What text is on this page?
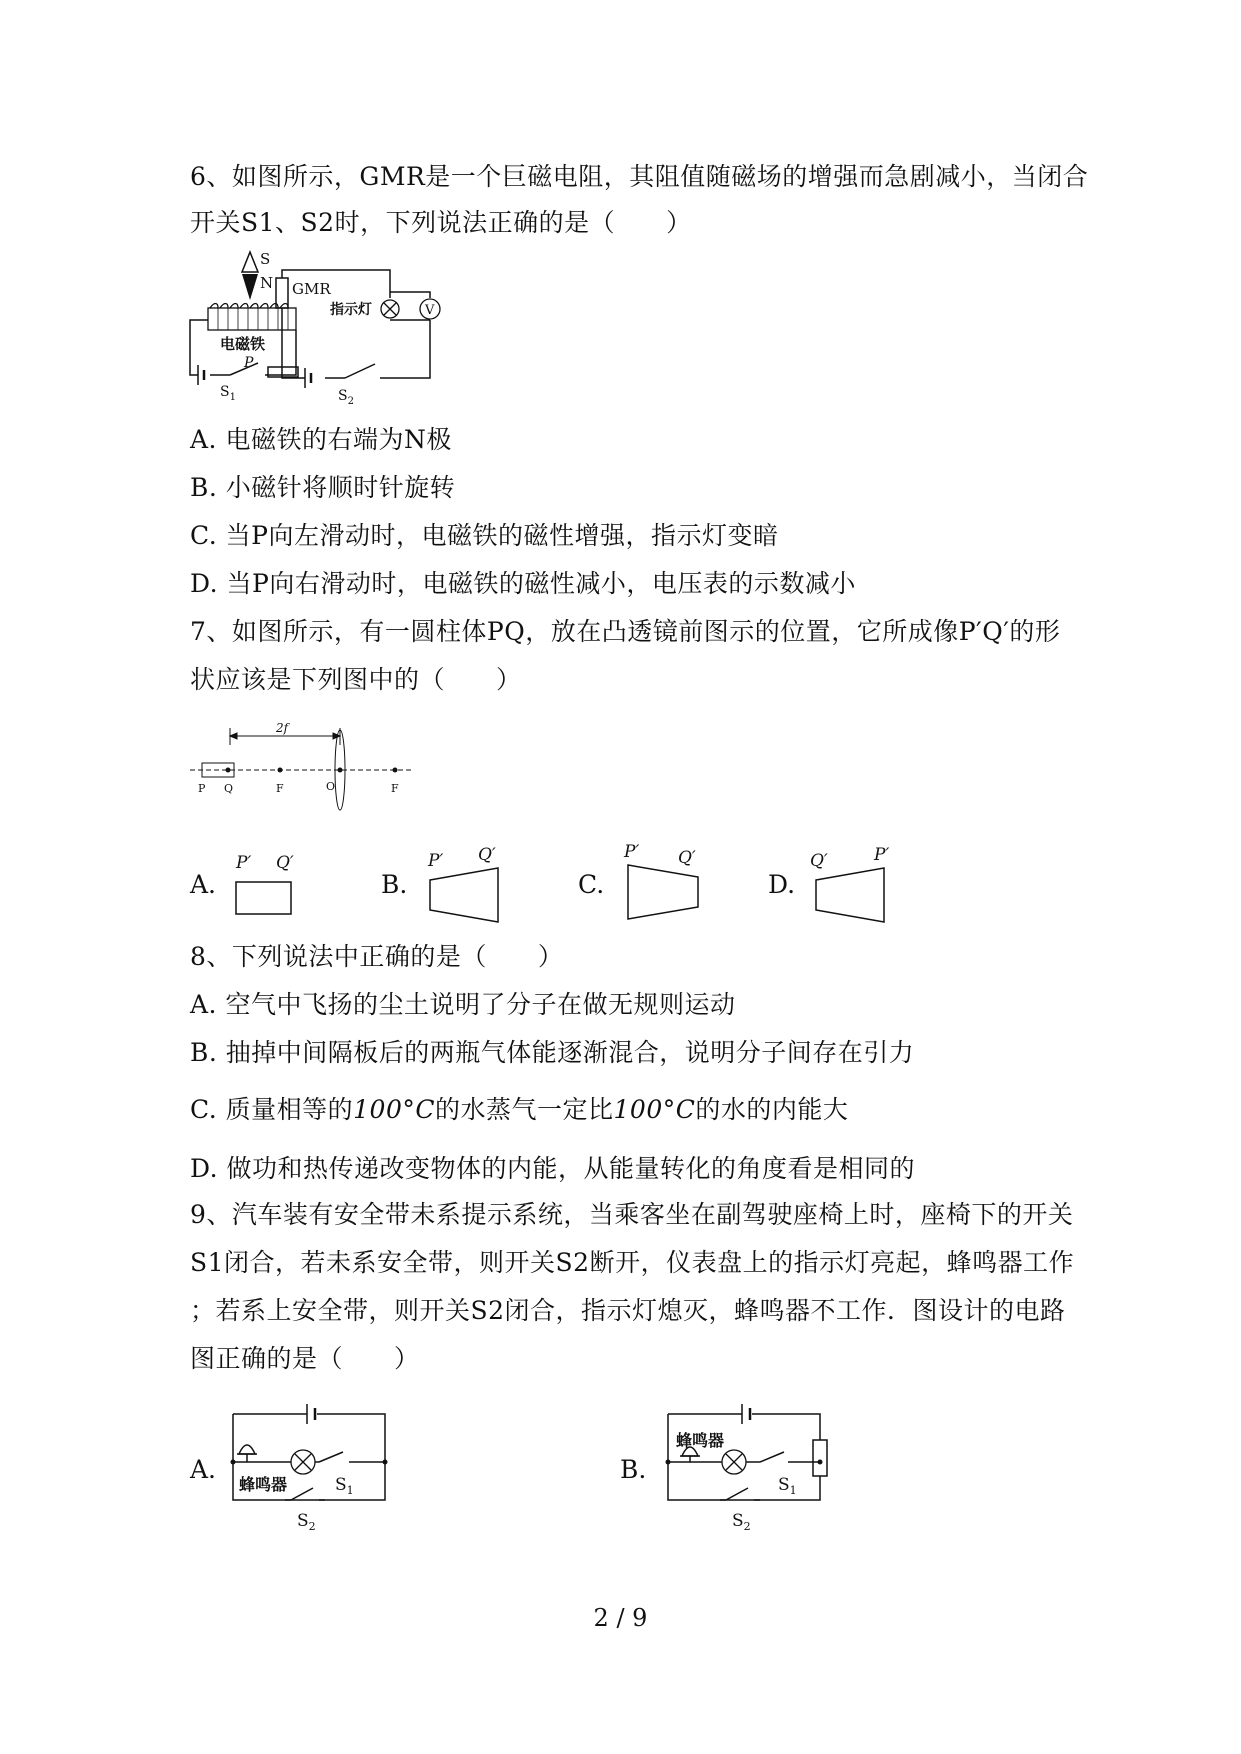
6、如图所示，GMR是一个巨磁电阻，其阻值随磁场的增强而急剧减小，当闭合
开关S1、S2时，下列说法正确的是（　　）
S
N
电磁铁
P
$S_1$
GMR
指示灯	V
$S_2$
A. 电磁铁的右端为N极
B. 小磁针将顺时针旋转
C. 当P向左滑动时，电磁铁的磁性增强，指示灯变暗
D. 当P向右滑动时，电磁铁的磁性减小，电压表的示数减小
7、如图所示，有一圆柱体PQ，放在凸透镜前图示的位置，它所成像P′Q′的形
状应该是下列图中的（　　）
2f
P Q	F	O	F
A.
P′ Q′
B.
P′ Q′
C.
P′ Q′
D.
Q′	P′
8、下列说法中正确的是（　　）
A. 空气中飞扬的尘土说明了分子在做无规则运动
B. 抽掉中间隔板后的两瓶气体能逐渐混合，说明分子间存在引力
C. 质量相等的100°C的水蒸气一定比100°C的水的内能大
D. 做功和热传递改变物体的内能，从能量转化的角度看是相同的
9、汽车装有安全带未系提示系统，当乘客坐在副驾驶座椅上时，座椅下的开关
S1闭合，若未系安全带，则开关S2断开，仪表盘上的指示灯亮起，蜂鸣器工作
；若系上安全带，则开关S2闭合，指示灯熄灭，蜂鸣器不工作．图设计的电路
图正确的是（　　）
A.
蜂鸣器	$S_1$
$S_2$
B.
蜂鸣器
$S_1$
$S_2$
2 / 9
